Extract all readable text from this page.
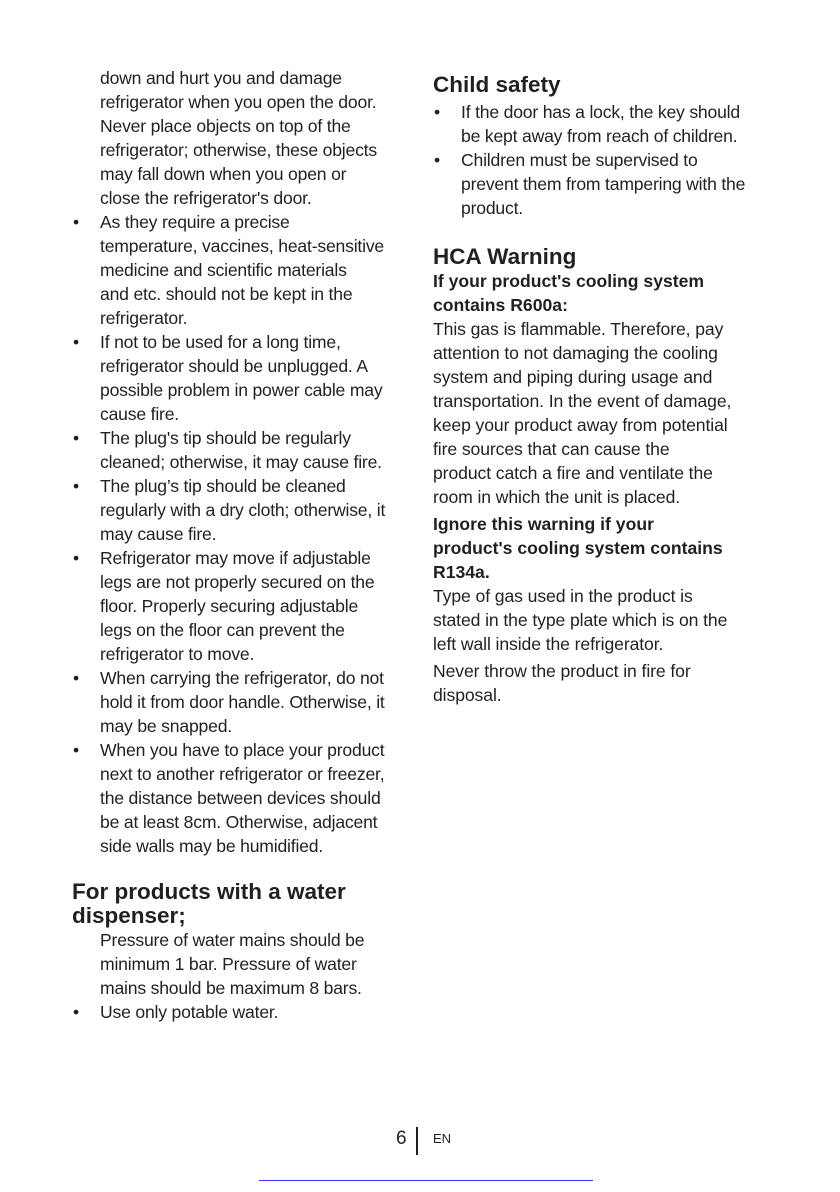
down and hurt you and damage
refrigerator when you open the door.
Never place objects on top of the
refrigerator; otherwise, these objects
may fall down when you open or
close the refrigerator's door.
• As they require a precise
temperature, vaccines, heat-sensitive
medicine and scientific materials
and etc. should not be kept in the
refrigerator.
• If not to be used for a long time,
refrigerator should be unplugged. A
possible problem in power cable may
cause fire.
• The plug's tip should be regularly
cleaned; otherwise, it may cause fire.
• The plug’s tip should be cleaned
regularly with a dry cloth; otherwise, it
may cause fire.
• Refrigerator may move if adjustable
legs are not properly secured on the
floor. Properly securing adjustable
legs on the floor can prevent the
refrigerator to move.
• When carrying the refrigerator, do not
hold it from door handle. Otherwise, it
may be snapped.
• When you have to place your product
next to another refrigerator or freezer,
the distance between devices should
be at least 8cm. Otherwise, adjacent
side walls may be humidified.
For products with a water
dispenser;
Pressure of water mains should be
minimum 1 bar. Pressure of water
mains should be maximum 8 bars.
• Use only potable water.
Child safety
• If the door has a lock, the key should
be kept away from reach of children.
• Children must be supervised to
prevent them from tampering with the
product.
HCA Warning
If your product's cooling system
contains R600a:
This gas is flammable. Therefore, pay
attention to not damaging the cooling
system and piping during usage and
transportation. In the event of damage,
keep your product away from potential
fire sources that can cause the
product catch a fire and ventilate the
room in which the unit is placed.
Ignore this warning if your
product's cooling system contains
R134a.
Type of gas used in the product is
stated in the type plate which is on the
left wall inside the refrigerator.
Never throw the product in fire for
disposal.
6 EN
